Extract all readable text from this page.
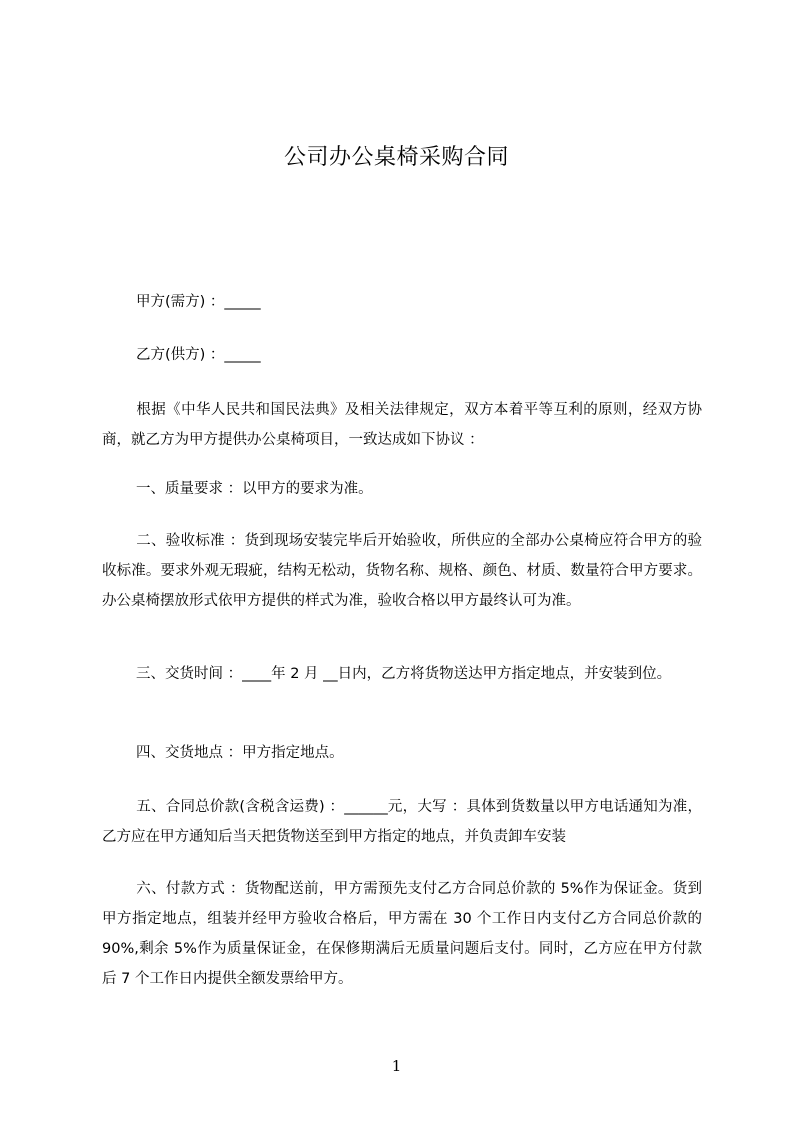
公司办公桌椅采购合同
甲方(需方) ：_____
乙方(供方) ：_____
根据《中华人民共和国民法典》及相关法律规定，双方本着平等互利的原则，经双方协商，就乙方为甲方提供办公桌椅项目，一致达成如下协议 ：
一、质量要求 ：以甲方的要求为准。
二、验收标准 ：货到现场安装完毕后开始验收，所供应的全部办公桌椅应符合甲方的验收标准。要求外观无瑕疵，结构无松动，货物名称、规格、颜色、材质、数量符合甲方要求。办公桌椅摆放形式依甲方提供的样式为准，验收合格以甲方最终认可为准。
三、交货时间 ：____年 2 月 __日内，乙方将货物送达甲方指定地点，并安装到位。
四、交货地点 ：甲方指定地点。
五、合同总价款(含税含运费) ：______元，大写 ：具体到货数量以甲方电话通知为准，乙方应在甲方通知后当天把货物送至到甲方指定的地点，并负责卸车安装
六、付款方式 ：货物配送前，甲方需预先支付乙方合同总价款的 5%作为保证金。货到甲方指定地点，组装并经甲方验收合格后，甲方需在 30 个工作日内支付乙方合同总价款的 90%,剩余 5%作为质量保证金，在保修期满后无质量问题后支付。同时，乙方应在甲方付款后 7 个工作日内提供全额发票给甲方。
1
